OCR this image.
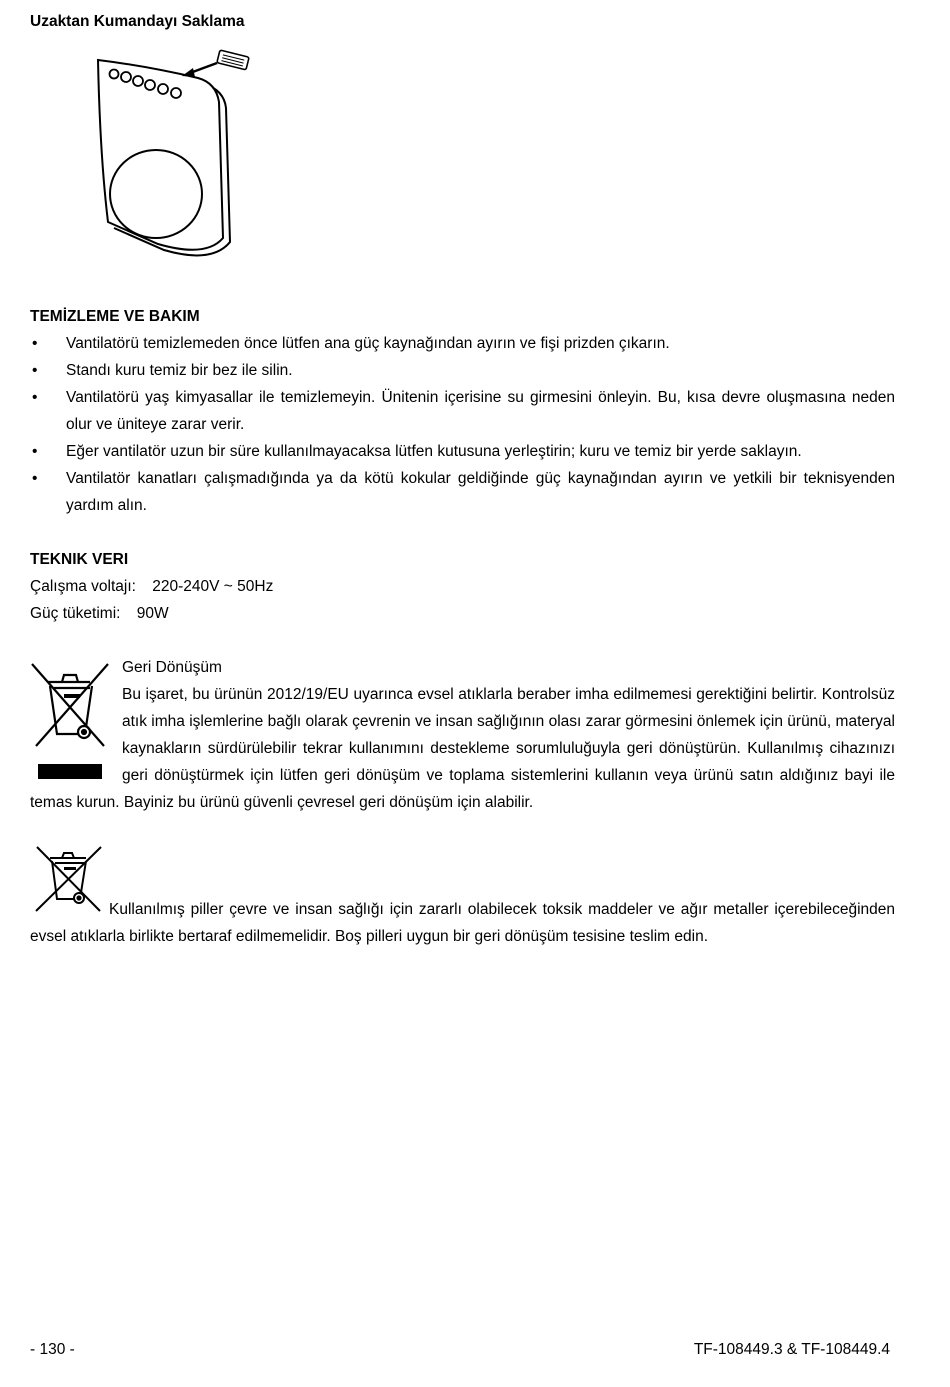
Uzaktan Kumandayı Saklama
TEMİZLEME VE BAKIM
• Vantilatörü temizlemeden önce lütfen ana güç kaynağından ayırın ve fişi prizden çıkarın.
• Standı kuru temiz bir bez ile silin.
• Vantilatörü yaş kimyasallar ile temizlemeyin. Ünitenin içerisine su girmesini önleyin. Bu, kısa devre oluşmasına neden olur ve üniteye zarar verir.
• Eğer vantilatör uzun bir süre kullanılmayacaksa lütfen kutusuna yerleştirin; kuru ve temiz bir yerde saklayın.
• Vantilatör kanatları çalışmadığında ya da kötü kokular geldiğinde güç kaynağından ayırın ve yetkili bir teknisyenden yardım alın.
TEKNIK VERI
Çalışma voltajı: 220-240V ~ 50Hz
Güç tüketimi: 90W
Geri Dönüşüm
Bu işaret, bu ürünün 2012/19/EU uyarınca evsel atıklarla beraber imha edilmemesi gerektiğini belirtir. Kontrolsüz atık imha işlemlerine bağlı olarak çevrenin ve insan sağlığının olası zarar görmesini önlemek için ürünü, materyal kaynakların sürdürülebilir tekrar kullanımını destekleme sorumluluğuyla geri dönüştürün. Kullanılmış cihazınızı geri dönüştürmek için lütfen geri dönüşüm ve toplama sistemlerini kullanın veya ürünü satın aldığınız bayi ile temas kurun. Bayiniz bu ürünü güvenli çevresel geri dönüşüm için alabilir.
Kullanılmış piller çevre ve insan sağlığı için zararlı olabilecek toksik maddeler ve ağır metaller içerebileceğinden evsel atıklarla birlikte bertaraf edilmemelidir. Boş pilleri uygun bir geri dönüşüm tesisine teslim edin.
- 130 -	TF-108449.3 & TF-108449.4
